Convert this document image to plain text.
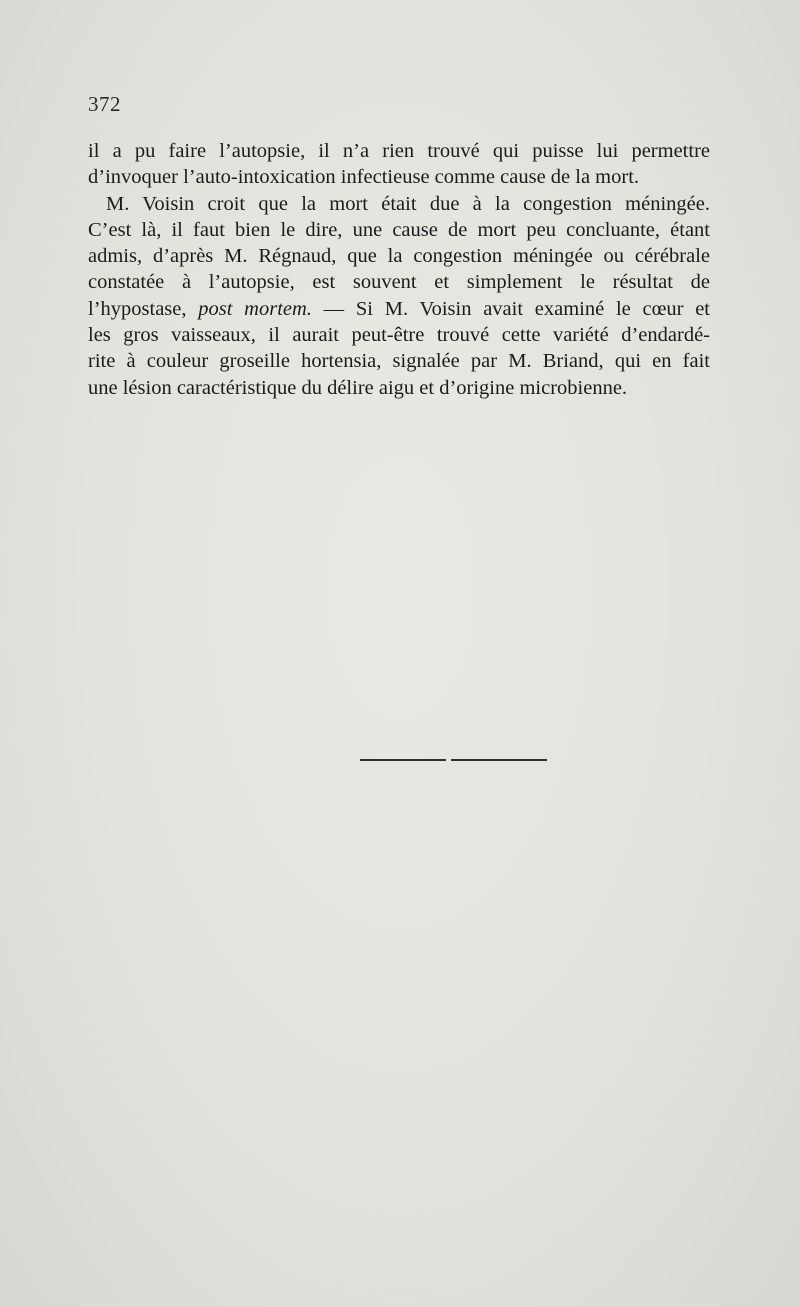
372
il a pu faire l’autopsie, il n’a rien trouvé qui puisse lui permettre
d’invoquer l’auto-intoxication infectieuse comme cause de la mort.
M. Voisin croit que la mort était due à la congestion méningée.
C’est là, il faut bien le dire, une cause de mort peu concluante, étant
admis, d’après M. Régnaud, que la congestion méningée ou cérébrale
constatée à l’autopsie, est souvent et simplement le résultat de
l’hypostase, post mortem. — Si M. Voisin avait examiné le cœur et
les gros vaisseaux, il aurait peut-être trouvé cette variété d’endardé-
rite à couleur groseille hortensia, signalée par M. Briand, qui en fait
une lésion caractéristique du délire aigu et d’origine microbienne.
